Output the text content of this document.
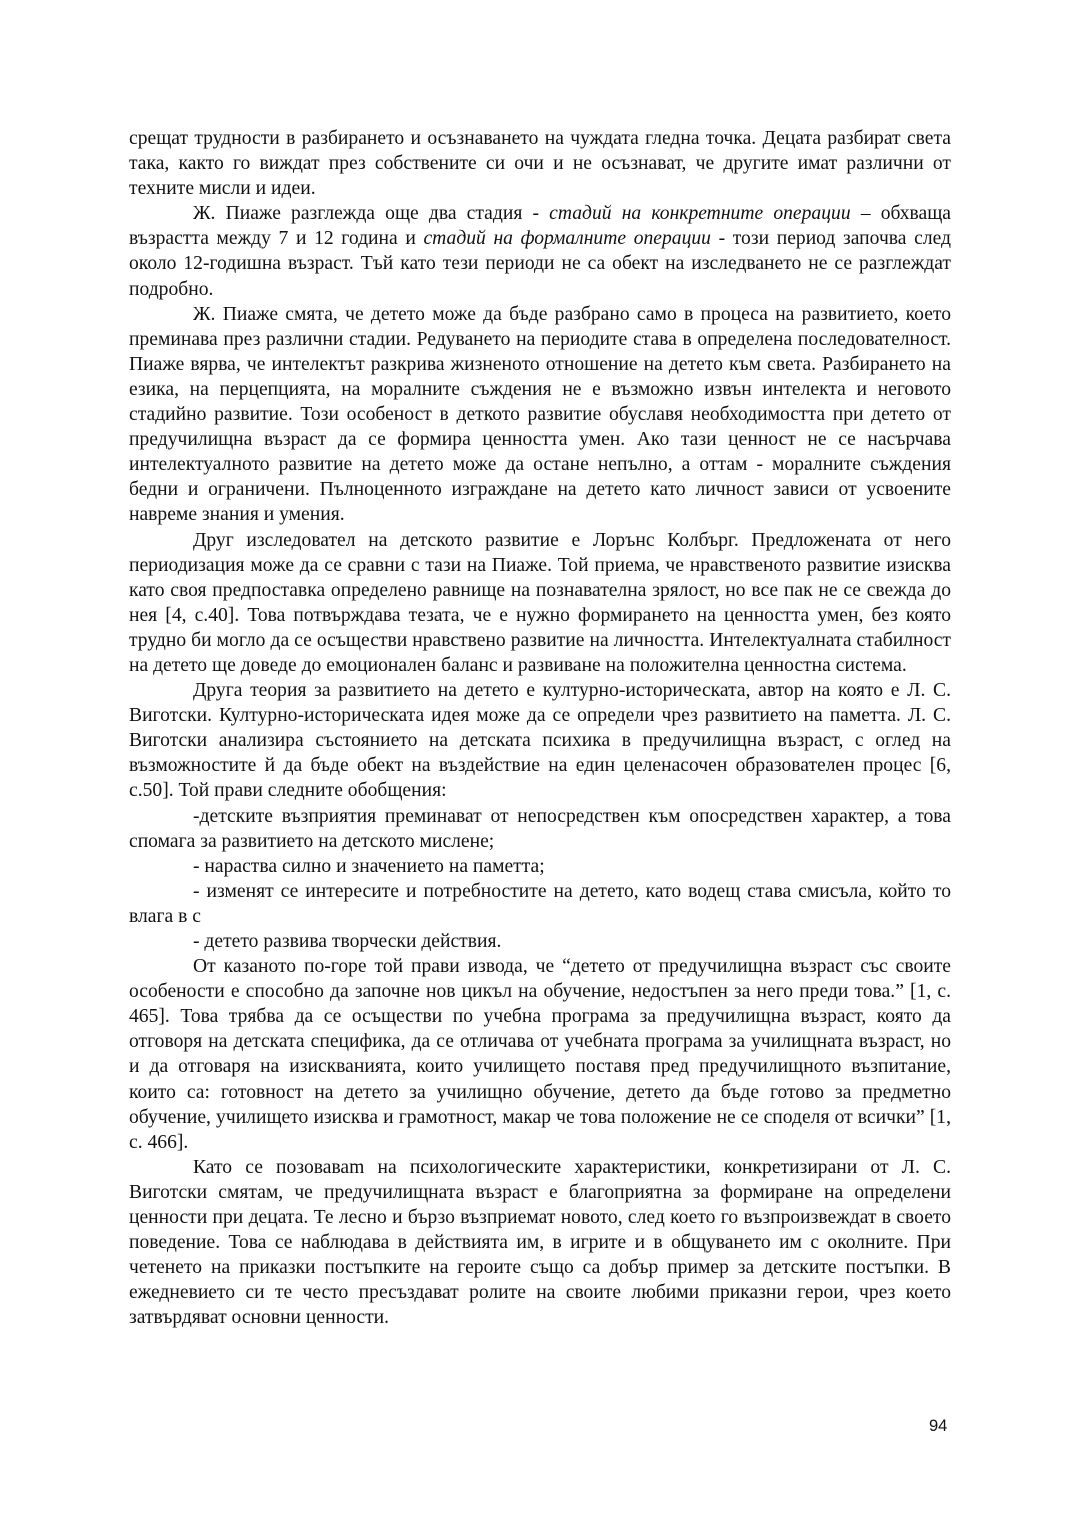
срещат трудности в разбирането и осъзнаването на чуждата гледна точка. Децата разбират света така, както го виждат през собствените си очи и не осъзнават, че другите имат различни от техните мисли и идеи.

Ж. Пиаже разглежда още два стадия - стадий на конкретните операции – обхваща възрастта между 7 и 12 година и стадий на формалните операции - този период започва след около 12-годишна възраст. Тъй като тези периоди не са обект на изследването не се разглеждат подробно.

Ж. Пиаже смята, че детето може да бъде разбрано само в процеса на развитието, което преминава през различни стадии. Редуването на периодите става в определена последователност. Пиаже вярва, че интелектът разкрива жизненото отношение на детето към света. Разбирането на езика, на перцепцията, на моралните съждения не е възможно извън интелекта и неговото стадийно развитие. Този особеност в деткото развитие обуславя необходимостта при детето от предучилищна възраст да се формира ценността умен. Ако тази ценност не се насърчава интелектуалното развитие на детето може да остане непълно, а оттам - моралните съждения бедни и ограничени. Пълноценното изграждане на детето като личност зависи от усвоените навреме знания и умения.

Друг изследовател на детското развитие е Лорънс Колбърг. Предложената от него периодизация може да се сравни с тази на Пиаже. Той приема, че нравственото развитие изисква като своя предпоставка определено равнище на познавателна зрялост, но все пак не се свежда до нея [4, с.40]. Това потвърждава тезата, че е нужно формирането на ценността умен, без която трудно би могло да се осъществи нравствено развитие на личността. Интелектуалната стабилност на детето ще доведе до емоционален баланс и развиване на положителна ценностна система.

Друга теория за развитието на детето е културно-историческата, автор на която е Л. С. Виготски. Културно-историческата идея може да се определи чрез развитието на паметта. Л. С. Виготски анализира състоянието на детската психика в предучилищна възраст, с оглед на възможностите й да бъде обект на въздействие на един целенасочен образователен процес [6, с.50]. Той прави следните обобщения:

-детските възприятия преминават от непосредствен към опосредствен характер, а това спомага за развитието на детското мислене;

- нараства силно и значението на паметта;

- изменят се интересите и потребностите на детето, като водещ става смисъла, който то влага в с

- детето развива творчески действия.

От казаното по-горе той прави извода, че “детето от предучилищна възраст със своите особености е способно да започне нов цикъл на обучение, недостъпен за него преди това.” [1, с. 465]. Това трябва да се осъществи по учебна програма за предучилищна възраст, която да отговоря на детската специфика, да се отличава от учебната програма за училищната възраст, но и да отговаря на изискванията, които училището поставя пред предучилищното възпитание, които са: готовност на детето за училищно обучение, детето да бъде готово за предметно обучение, училището изисква и грамотност, макар че това положение не се споделя от всички” [1, с. 466].

Като се позоваваm на психологическите характеристики, конкретизирани от Л. С. Виготски смятам, че предучилищната възраст е благоприятна за формиране на определени ценности при децата. Те лесно и бързо възприемат новото, след което го възпроизвеждат в своето поведение. Това се наблюдава в действията им, в игрите и в общуването им с околните. При четенето на приказки постъпките на героите също са добър пример за детските постъпки. В ежедневието си те често пресъздават ролите на своите любими приказни герои, чрез което затвърдяват основни ценности.

94
